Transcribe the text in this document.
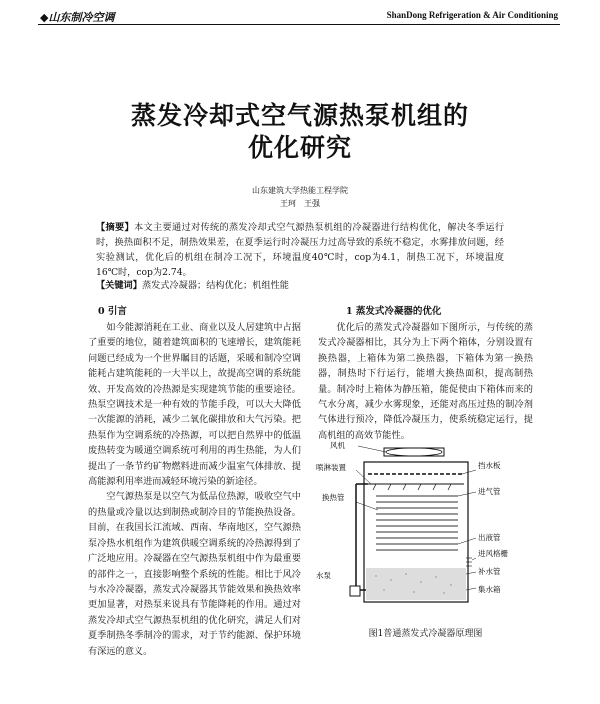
◆山东制冷空调	ShanDong Refrigeration & Air Conditioning
蒸发冷却式空气源热泵机组的
优化研究
山东建筑大学热能工程学院
王珂　王强
【摘要】本文主要通过对传统的蒸发冷却式空气源热泵机组的冷凝器进行结构优化，解决冬季运行时，换热面积不足，制热效果差，在夏季运行时冷凝压力过高导致的系统不稳定，水雾排放问题，经实验测试，优化后的机组在制冷工况下，环境温度40℃时，cop为4.1，制热工况下，环境温度 16℃时，cop为2.74。
【关键词】蒸发式冷凝器；结构优化；机组性能
0 引言

如今能源消耗在工业、商业以及人居建筑中占据了重要的地位，随着建筑面积的飞速增长，建筑能耗问题已经成为一个世界瞩目的话题，采暖和制冷空调能耗占建筑能耗的一大半以上，故提高空调的系统能效、开发高效的冷热源是实现建筑节能的重要途径。热泵空调技术是一种有效的节能手段，可以大大降低一次能源的消耗，减少二氧化碳排放和大气污染。把热泵作为空调系统的冷热源，可以把自然界中的低温废热转变为暖通空调系统可利用的再生热能，为人们提出了一条节约矿物燃料进而减少温室气体排放、提高能源利用率进而减轻环境污染的新途径。

空气源热泵是以空气为低品位热源，吸收空气中的热量或冷量以达到制热或制冷目的节能换热设备。目前，在我国长江流域、西南、华南地区，空气源热泵冷热水机组作为建筑供暖空调系统的冷热源得到了广泛地应用。冷凝器在空气源热泵机组中作为最重要的部件之一，直接影响整个系统的性能。相比于风冷与水冷冷凝器，蒸发式冷凝器其节能效果和换热效率更加显著，对热泵来说具有节能降耗的作用。通过对蒸发冷却式空气源热泵机组的优化研究，满足人们对夏季制热冬季制冷的需求，对于节约能源、保护环境有深远的意义。

1 蒸发式冷凝器的优化

优化后的蒸发式冷凝器如下图所示，与传统的蒸发式冷凝器相比，其分为上下两个箱体，分别设置有换热器，上箱体为第二换热器，下箱体为第一换热器，制热时下行运行，能增大换热面积，提高制热量。制冷时上箱体为静压箱，能促使由下箱体而来的气水分离，减少水雾现象，还能对高压过热的制冷剂气体进行预冷，降低冷凝压力，使系统稳定运行，提高机组的高效节能性。

风机
喷淋装置
换热管
水泵
挡水板
进气管
出液管
进风格栅
补水管
集水箱
图1普通蒸发式冷凝器原理图
